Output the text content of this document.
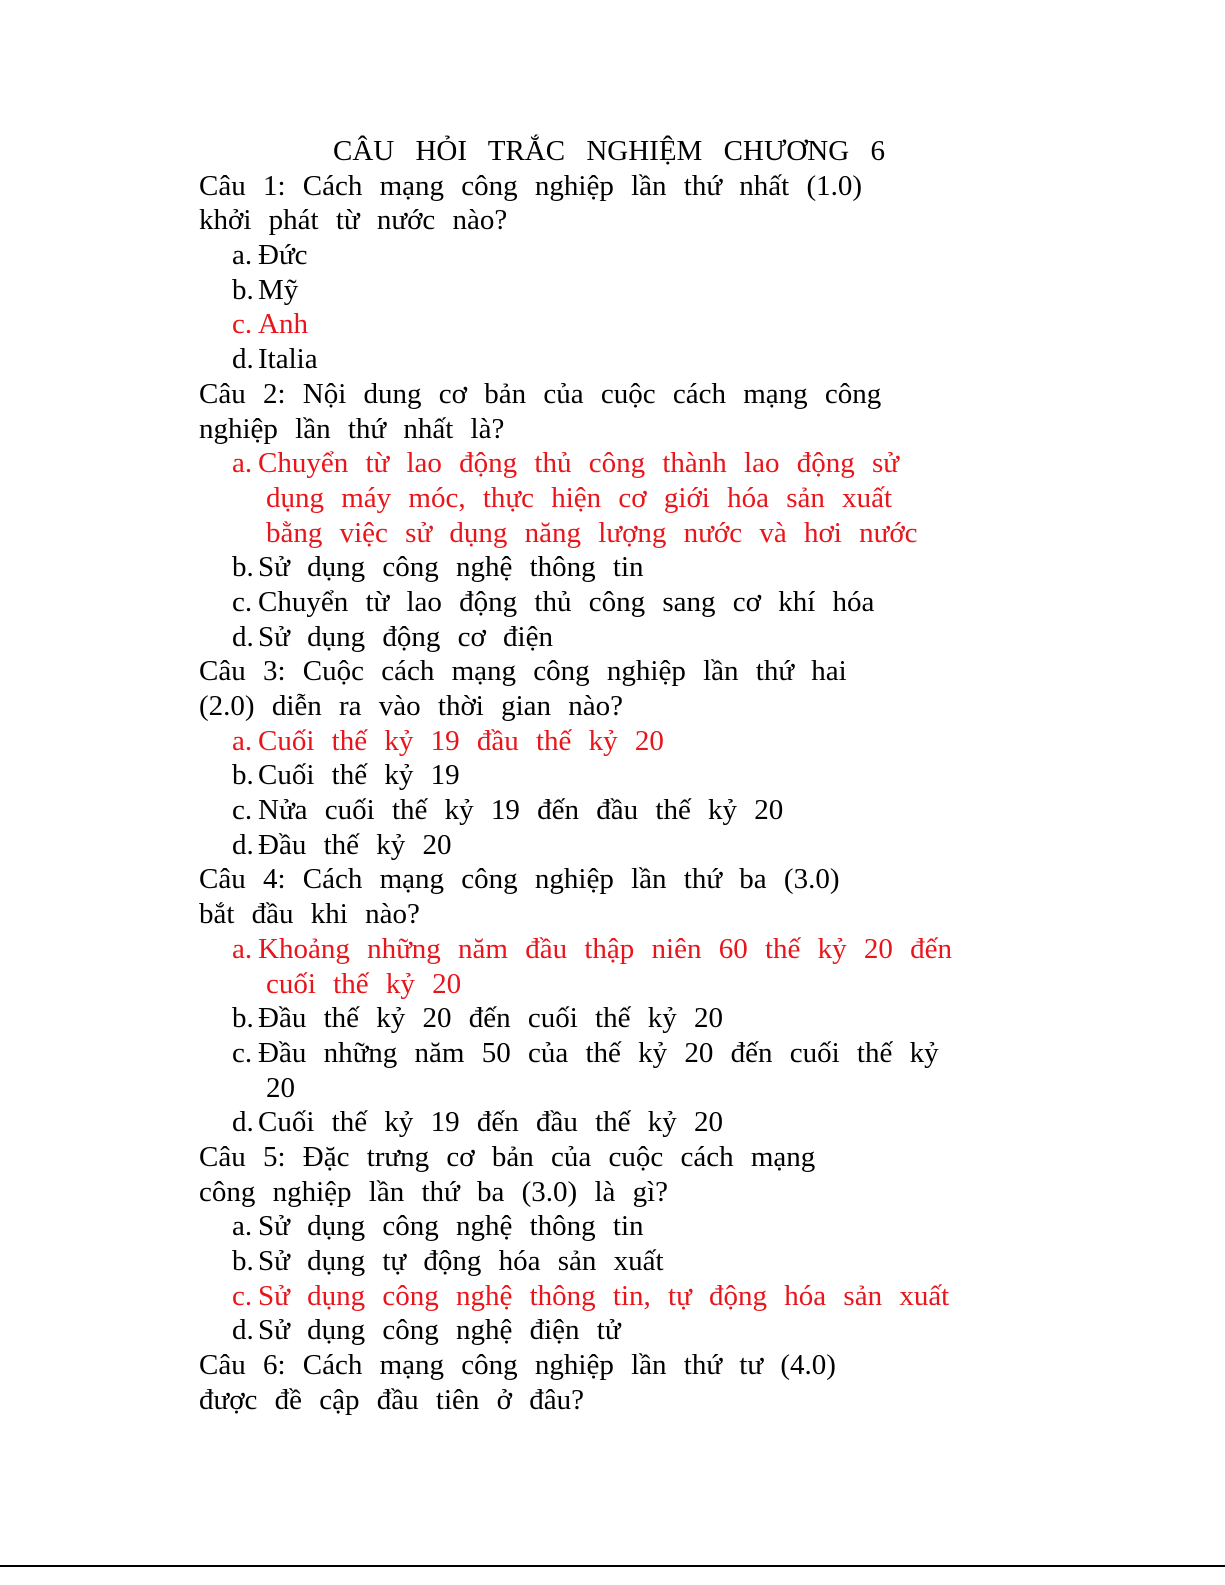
CÂU HỎI TRẮC NGHIỆM CHƯƠNG 6
Câu 1: Cách mạng công nghiệp lần thứ nhất (1.0)
khởi phát từ nước nào?
a. Đức
b. Mỹ
c. Anh
d. Italia
Câu 2: Nội dung cơ bản của cuộc cách mạng công
nghiệp lần thứ nhất là?
a. Chuyển từ lao động thủ công thành lao động sử
dụng máy móc, thực hiện cơ giới hóa sản xuất
bằng việc sử dụng năng lượng nước và hơi nước
b. Sử dụng công nghệ thông tin
c. Chuyển từ lao động thủ công sang cơ khí hóa
d. Sử dụng động cơ điện
Câu 3: Cuộc cách mạng công nghiệp lần thứ hai
(2.0) diễn ra vào thời gian nào?
a. Cuối thế kỷ 19 đầu thế kỷ 20
b. Cuối thế kỷ 19
c. Nửa cuối thế kỷ 19 đến đầu thế kỷ 20
d. Đầu thế kỷ 20
Câu 4: Cách mạng công nghiệp lần thứ ba (3.0)
bắt đầu khi nào?
a. Khoảng những năm đầu thập niên 60 thế kỷ 20 đến
cuối thế kỷ 20
b. Đầu thế kỷ 20 đến cuối thế kỷ 20
c. Đầu những năm 50 của thế kỷ 20 đến cuối thế kỷ
20
d. Cuối thế kỷ 19 đến đầu thế kỷ 20
Câu 5: Đặc trưng cơ bản của cuộc cách mạng
công nghiệp lần thứ ba (3.0) là gì?
a. Sử dụng công nghệ thông tin
b. Sử dụng tự động hóa sản xuất
c. Sử dụng công nghệ thông tin, tự động hóa sản xuất
d. Sử dụng công nghệ điện tử
Câu 6: Cách mạng công nghiệp lần thứ tư (4.0)
được đề cập đầu tiên ở đâu?
